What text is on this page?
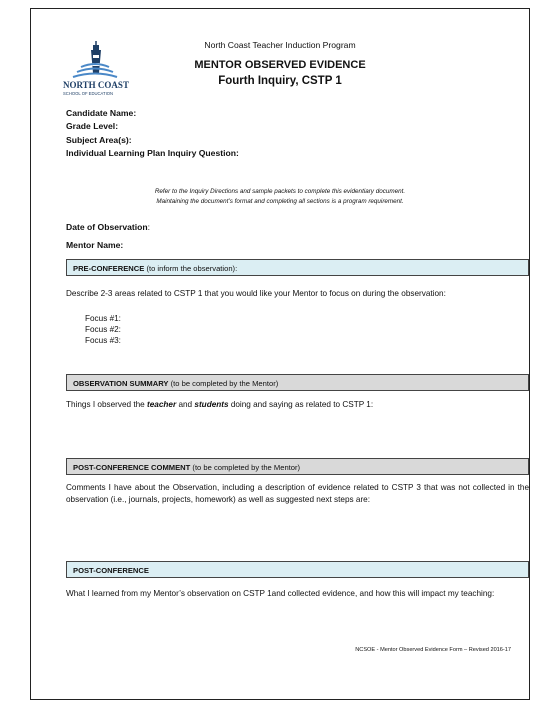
NORTH COAST
SCHOOL OF EDUCATION
North Coast Teacher Induction Program
MENTOR OBSERVED EVIDENCE
Fourth Inquiry, CSTP 1
Candidate Name:
Grade Level:
Subject Area(s):
Individual Learning Plan Inquiry Question:
Refer to the Inquiry Directions and sample packets to complete this evidentiary document.
Maintaining the document’s format and completing all sections is a program requirement.
Date of Observation:
Mentor Name:
PRE-CONFERENCE (to inform the observation):
Describe 2-3 areas related to CSTP 1 that you would like your Mentor to focus on during the observation:
Focus #1:
Focus #2:
Focus #3:
OBSERVATION SUMMARY (to be completed by the Mentor)
Things I observed the teacher and students doing and saying as related to CSTP 1:
POST-CONFERENCE COMMENT (to be completed by the Mentor)
Comments I have about the Observation, including a description of evidence related to CSTP 3 that was not collected in the observation (i.e., journals, projects, homework) as well as suggested next steps are:
POST-CONFERENCE
What I learned from my Mentor’s observation on CSTP 1and collected evidence, and how this will impact my teaching:
NCSOE - Mentor Observed Evidence Form – Revised 2016-17
